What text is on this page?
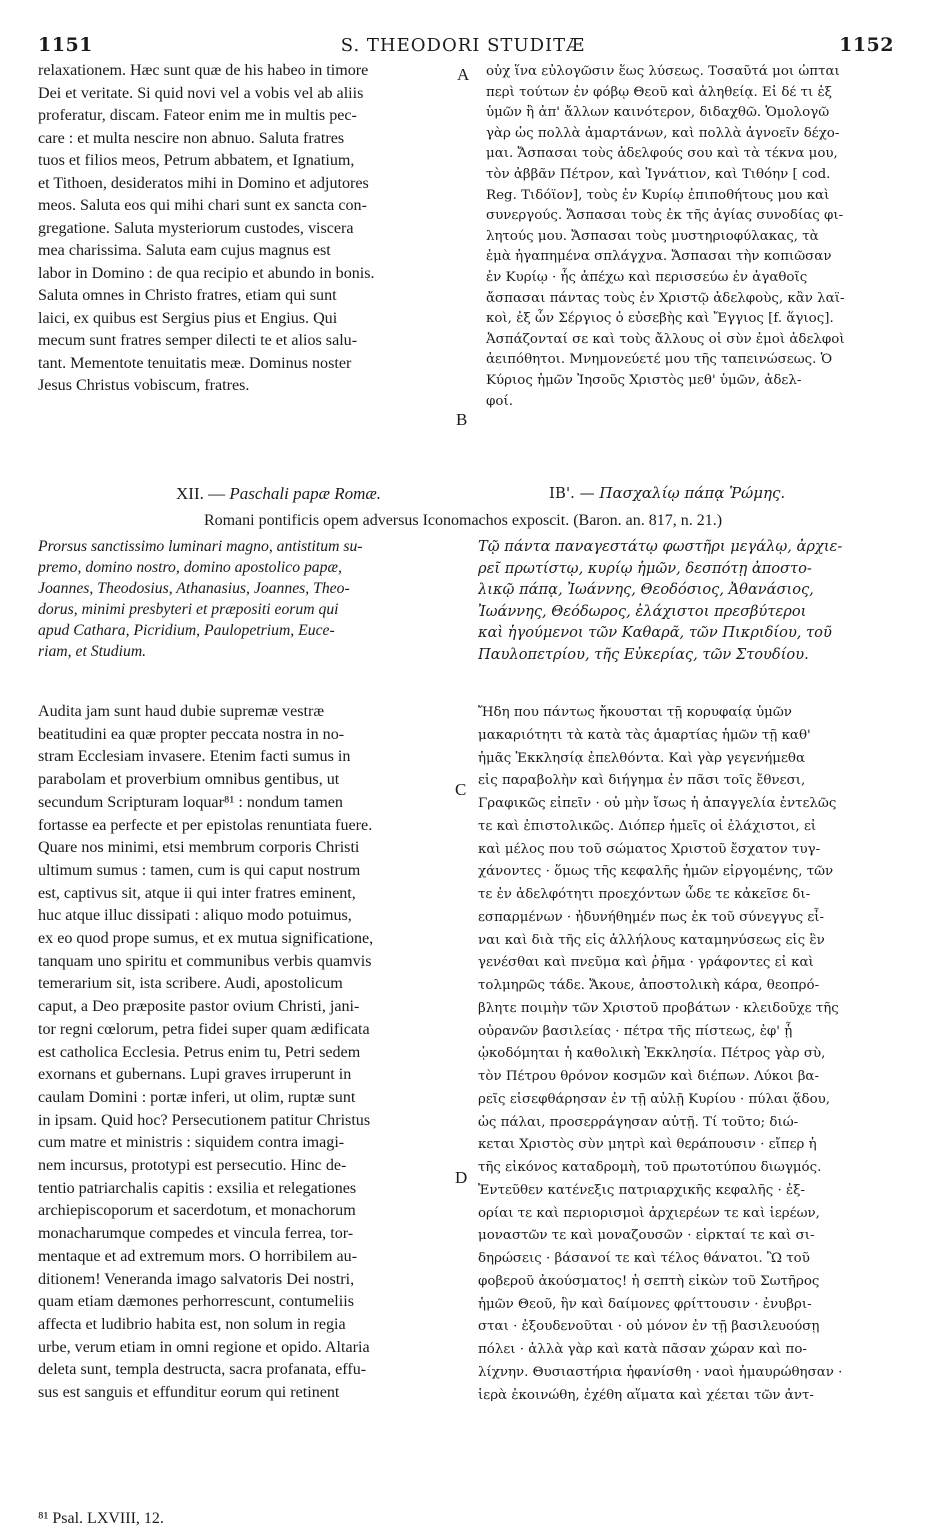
1151	S. THEODORI STUDITÆ	1152
relaxationem. Hæc sunt quæ de his habeo in timore
Dei et veritate. Si quid novi vel a vobis vel ab aliis
proferatur, discam. Fateor enim me in multis pec-
care : et multa nescire non abnuo. Saluta fratres
tuos et filios meos, Petrum abbatem, et Ignatium,
et Tithoen, desideratos mihi in Domino et adjutores
meos. Saluta eos qui mihi chari sunt ex sancta con-
gregatione. Saluta mysteriorum custodes, viscera
mea charissima. Saluta eam cujus magnus est
labor in Domino : de qua recipio et abundo in bonis.
Saluta omnes in Christo fratres, etiam qui sunt
laici, ex quibus est Sergius pius et Engius. Qui
mecum sunt fratres semper dilecti te et alios salu-
tant. Mementote tenuitatis meæ. Dominus noster
Jesus Christus vobiscum, fratres.
οὐχ ἵνα εὐλογῶσιν ἕως λύσεως. Τοσαῦτά μοι ὦπται
περὶ τούτων ἐν φόβῳ Θεοῦ καὶ ἀληθείᾳ. Εἰ δέ τι ἐξ
ὑμῶν ἢ ἀπ' ἄλλων καινότερον, διδαχθῶ. Ὁμολογῶ
γὰρ ὡς πολλὰ ἁμαρτάνων, καὶ πολλὰ ἀγνοεῖν δέχο-
μαι. Ἄσπασαι τοὺς ἀδελφούς σου καὶ τὰ τέκνα μου,
τὸν ἀββᾶν Πέτρον, καὶ Ἰγνάτιον, καὶ Τιθόην [ cod.
Reg. Τιδόϊον], τοὺς ἐν Κυρίῳ ἐπιποθήτους μου καὶ
συνεργούς. Ἄσπασαι τοὺς ἐκ τῆς ἁγίας συνοδίας φι-
λητούς μου. Ἄσπασαι τοὺς μυστηριοφύλακας, τὰ
ἐμὰ ἠγαπημένα σπλάγχνα. Ἄσπασαι τὴν κοπιῶσαν
ἐν Κυρίῳ · ἧς ἀπέχω καὶ περισσεύω ἐν ἀγαθοῖς
ἄσπασαι πάντας τοὺς ἐν Χριστῷ ἀδελφοὺς, κἂν λαϊ-
κοὶ, ἐξ ὧν Σέργιος ὁ εὐσεβὴς καὶ Ἔγγιος [f. ἅγιος].
Ἀσπάζονταί σε καὶ τοὺς ἄλλους οἱ σὺν ἐμοὶ ἀδελφοὶ
ἀειπόθητοι. Μνημονεύετέ μου τῆς ταπεινώσεως. Ὁ
Κύριος ἡμῶν Ἰησοῦς Χριστὸς μεθ' ὑμῶν, ἀδελ-
φοί.
A
B
XII. — Paschali papæ Romæ.	ΙΒ'. — Πασχαλίῳ πάπᾳ Ῥώμης.
Romani pontificis opem adversus Iconomachos exposcit. (Baron. an. 817, n. 21.)
Prorsus sanctissimo luminari magno, antistitum su-
premo, domino nostro, domino apostolico papæ,
Joannes, Theodosius, Athanasius, Joannes, Theo-
dorus, minimi presbyteri et præpositi eorum qui
apud Cathara, Picridium, Paulopetrium, Euce-
riam, et Studium.
Τῷ πάντα παναγεστάτῳ φωστῆρι μεγάλῳ, ἀρχιε-
ρεῖ πρωτίστῳ, κυρίῳ ἡμῶν, δεσπότῃ ἀποστο-
λικῷ πάπᾳ, Ἰωάννης, Θεοδόσιος, Ἀθανάσιος,
Ἰωάννης, Θεόδωρος, ἐλάχιστοι πρεσβύτεροι
καὶ ἡγούμενοι τῶν Καθαρᾶ, τῶν Πικριδίου, τοῦ
Παυλοπετρίου, τῆς Εὐκερίας, τῶν Στουδίου.
Audita jam sunt haud dubie supremæ vestræ
beatitudini ea quæ propter peccata nostra in no-
stram Ecclesiam invasere. Etenim facti sumus in
parabolam et proverbium omnibus gentibus, ut
secundum Scripturam loquar⁸¹ : nondum tamen
fortasse ea perfecte et per epistolas renuntiata fuere.
Quare nos minimi, etsi membrum corporis Christi
ultimum sumus : tamen, cum is qui caput nostrum
est, captivus sit, atque ii qui inter fratres eminent,
huc atque illuc dissipati : aliquo modo potuimus,
ex eo quod prope sumus, et ex mutua significatione,
tanquam uno spiritu et communibus verbis quamvis
temerarium sit, ista scribere. Audi, apostolicum
caput, a Deo præposite pastor ovium Christi, jani-
tor regni cœlorum, petra fidei super quam ædificata
est catholica Ecclesia. Petrus enim tu, Petri sedem
exornans et gubernans. Lupi graves irruperunt in
caulam Domini : portæ inferi, ut olim, ruptæ sunt
in ipsam. Quid hoc? Persecutionem patitur Christus
cum matre et ministris : siquidem contra imagi-
nem incursus, prototypi est persecutio. Hinc de-
tentio patriarchalis capitis : exsilia et relegationes
archiepiscoporum et sacerdotum, et monachorum
monacharumque compedes et vincula ferrea, tor-
mentaque et ad extremum mors. O horribilem au-
ditionem! Veneranda imago salvatoris Dei nostri,
quam etiam dæmones perhorrescunt, contumeliis
affecta et ludibrio habita est, non solum in regia
urbe, verum etiam in omni regione et opido. Altaria
deleta sunt, templa destructa, sacra profanata, effu-
sus est sanguis et effunditur eorum qui retinent
Ἤδη που πάντως ἤκουσται τῇ κορυφαίᾳ ὑμῶν
μακαριότητι τὰ κατὰ τὰς ἁμαρτίας ἡμῶν τῇ καθ'
ἡμᾶς Ἐκκλησίᾳ ἐπελθόντα. Καὶ γὰρ γεγενήμεθα
εἰς παραβολὴν καὶ διήγημα ἐν πᾶσι τοῖς ἔθνεσι,
Γραφικῶς εἰπεῖν · οὐ μὴν ἴσως ἡ ἀπαγγελία ἐντελῶς
τε καὶ ἐπιστολικῶς. Διόπερ ἡμεῖς οἱ ἐλάχιστοι, εἰ
καὶ μέλος που τοῦ σώματος Χριστοῦ ἔσχατον τυγ-
χάνοντες · ὅμως τῆς κεφαλῆς ἡμῶν εἰργομένης, τῶν
τε ἐν ἀδελφότητι προεχόντων ὧδε τε κἀκεῖσε δι-
εσπαρμένων · ἠδυνήθημέν πως ἐκ τοῦ σύνεγγυς εἶ-
ναι καὶ διὰ τῆς εἰς ἀλλήλους καταμηνύσεως εἰς ἓν
γενέσθαι καὶ πνεῦμα καὶ ῥῆμα · γράφοντες εἰ καὶ
τολμηρῶς τάδε. Ἄκουε, ἀποστολικὴ κάρα, θεοπρό-
βλητε ποιμὴν τῶν Χριστοῦ προβάτων · κλειδοῦχε τῆς
οὐρανῶν βασιλείας · πέτρα τῆς πίστεως, ἐφ' ᾗ
ᾠκοδόμηται ἡ καθολικὴ Ἐκκλησία. Πέτρος γὰρ σὺ,
τὸν Πέτρου θρόνον κοσμῶν καὶ διέπων. Λύκοι βα-
ρεῖς εἰσεφθάρησαν ἐν τῇ αὐλῇ Κυρίου · πύλαι ᾅδου,
ὡς πάλαι, προσερράγησαν αὐτῇ. Τί τοῦτο; διώ-
κεται Χριστὸς σὺν μητρὶ καὶ θεράπουσιν · εἴπερ ἡ
τῆς εἰκόνος καταδρομὴ, τοῦ πρωτοτύπου διωγμός.
Ἐντεῦθεν κατένεξις πατριαρχικῆς κεφαλῆς · ἐξ-
ορίαι τε καὶ περιορισμοὶ ἀρχιερέων τε καὶ ἱερέων,
μοναστῶν τε καὶ μοναζουσῶν · εἱρκταί τε καὶ σι-
δηρώσεις · βάσανοί τε καὶ τέλος θάνατοι. Ὢ τοῦ
φοβεροῦ ἀκούσματος! ἡ σεπτὴ εἰκὼν τοῦ Σωτῆρος
ἡμῶν Θεοῦ, ἣν καὶ δαίμονες φρίττουσιν · ἐνυβρι-
σται · ἐξουδενοῦται · οὐ μόνον ἐν τῇ βασιλευούσῃ
πόλει · ἀλλὰ γὰρ καὶ κατὰ πᾶσαν χώραν καὶ πο-
λίχνην. Θυσιαστήρια ἠφανίσθη · ναοὶ ἠμαυρώθησαν ·
ἱερὰ ἐκοινώθη, ἐχέθη αἵματα καὶ χέεται τῶν ἀντ-
C
D
⁸¹ Psal. LXVIII, 12.
